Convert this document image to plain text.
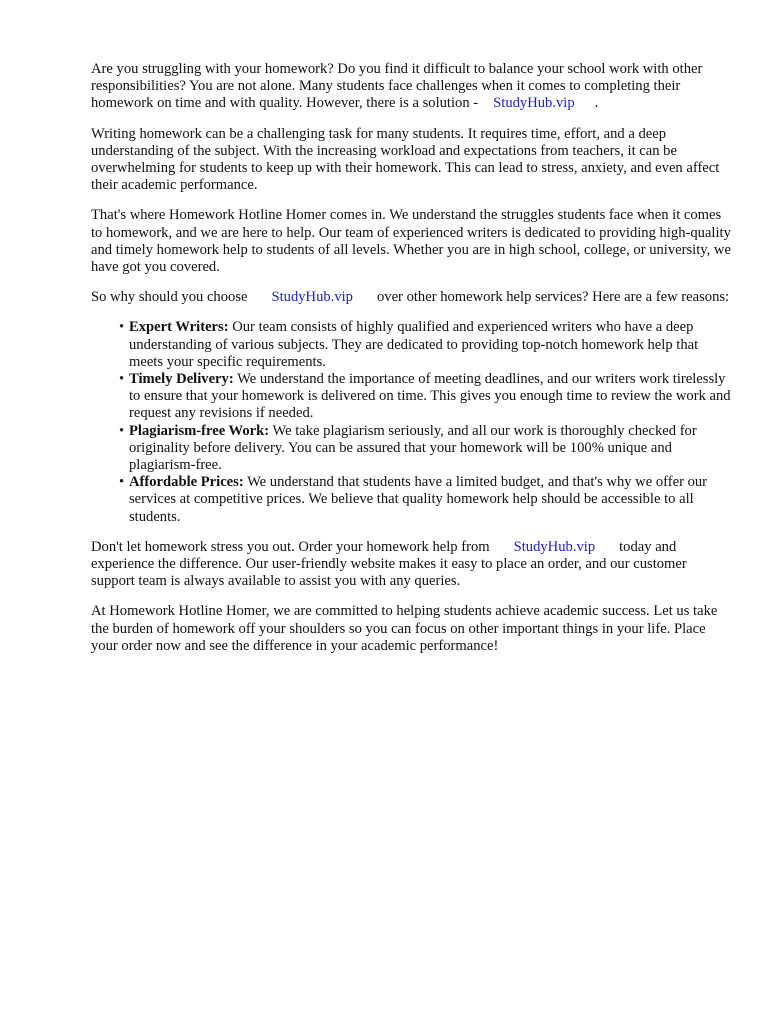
Are you struggling with your homework? Do you find it difficult to balance your school work with other responsibilities? You are not alone. Many students face challenges when it comes to completing their homework on time and with quality. However, there is a solution - StudyHub.vip .

Writing homework can be a challenging task for many students. It requires time, effort, and a deep understanding of the subject. With the increasing workload and expectations from teachers, it can be overwhelming for students to keep up with their homework. This can lead to stress, anxiety, and even affect their academic performance.

That's where Homework Hotline Homer comes in. We understand the struggles students face when it comes to homework, and we are here to help. Our team of experienced writers is dedicated to providing high-quality and timely homework help to students of all levels. Whether you are in high school, college, or university, we have got you covered.

So why should you choose StudyHub.vip over other homework help services? Here are a few reasons:

• Expert Writers: Our team consists of highly qualified and experienced writers who have a deep understanding of various subjects. They are dedicated to providing top-notch homework help that meets your specific requirements.
• Timely Delivery: We understand the importance of meeting deadlines, and our writers work tirelessly to ensure that your homework is delivered on time. This gives you enough time to review the work and request any revisions if needed.
• Plagiarism-free Work: We take plagiarism seriously, and all our work is thoroughly checked for originality before delivery. You can be assured that your homework will be 100% unique and plagiarism-free.
• Affordable Prices: We understand that students have a limited budget, and that's why we offer our services at competitive prices. We believe that quality homework help should be accessible to all students.

Don't let homework stress you out. Order your homework help from StudyHub.vip today and experience the difference. Our user-friendly website makes it easy to place an order, and our customer support team is always available to assist you with any queries.

At Homework Hotline Homer, we are committed to helping students achieve academic success. Let us take the burden of homework off your shoulders so you can focus on other important things in your life. Place your order now and see the difference in your academic performance!
